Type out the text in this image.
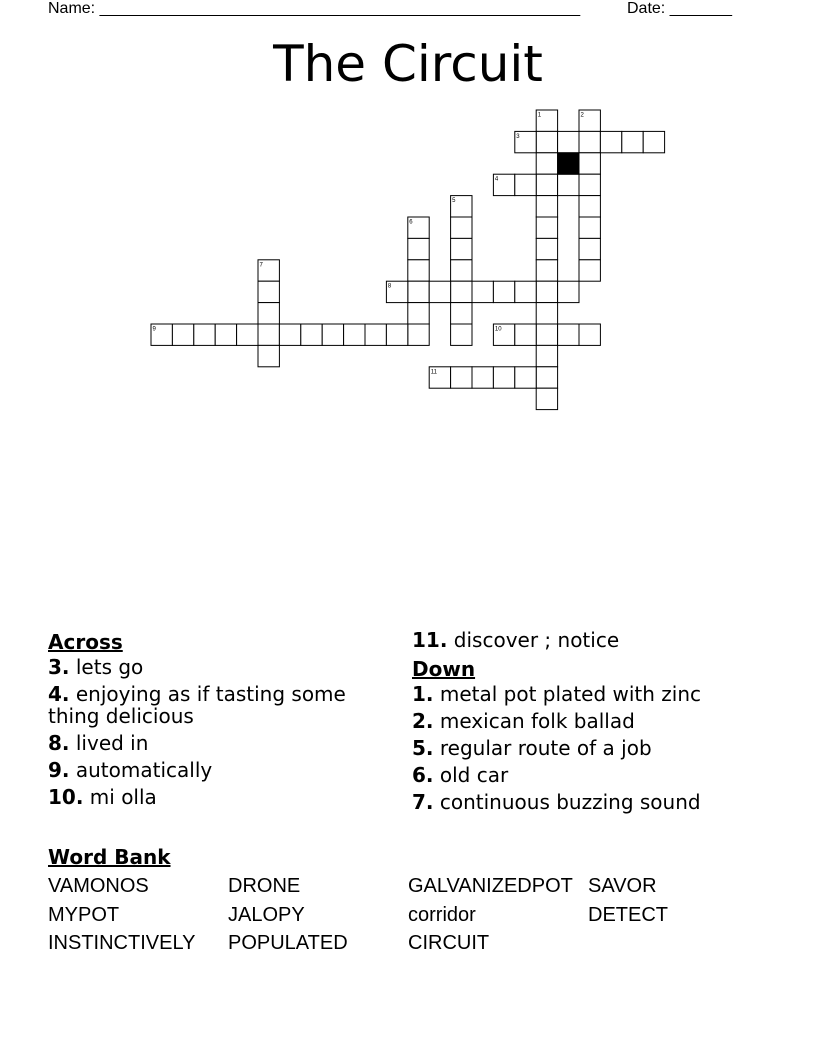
Name: ______________________________________________________	Date: _______
The Circuit
1	2
3
4
5
6
7
8
9	10
11
Across
3. lets go
4. enjoying as if tasting some thing delicious
8. lived in
9. automatically
10. mi olla
11. discover ; notice
Down
1. metal pot plated with zinc
2. mexican folk ballad
5. regular route of a job
6. old car
7. continuous buzzing sound
Word Bank
VAMONOS	DRONE	GALVANIZEDPOT SAVOR
MYPOT	JALOPY	corridor	DETECT
INSTINCTIVELY POPULATED	CIRCUIT
